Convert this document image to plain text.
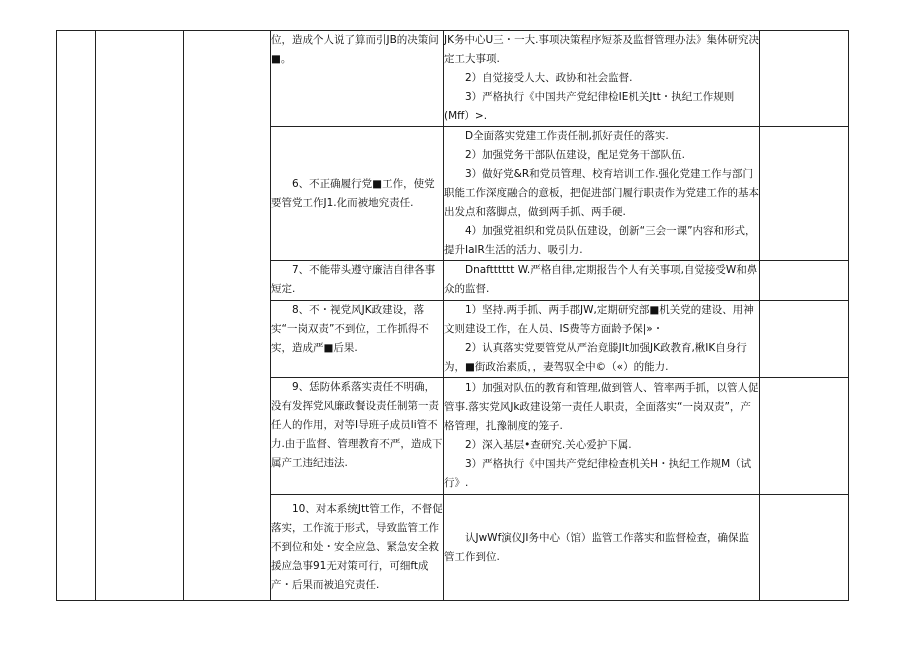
			位，造成个人说了算而引JB的决策问■。	JK务中心U三・一大.事项决策程序短茶及监督管理办法》集体研究决定工大事项.

2）自觉接受人大、政协和社会监督.

3）严格执行《中国共产党纪律检IE机关Jtt・执纪工作规则(Mff）>.	

			6、不正确履行党■工作，使党要管党工作J1.化而被地究责任.	D全面落实党建工作责任制,抓好责任的落实.

2）加强党务干部队伍建设，配足党务干部队伍.

3）做好党&R和党员管理、校育培训工作.强化党建工作与部门职能工作深度融合的意板，把促进部门履行职责作为党建工作的基本出发点和落脚点，做到两手抓、两手硬.

4）加强党祖织和党员队伍建设，创新“三会一课”内容和形式，提升IalR生活的活力、吸引力.	

			7、不能带头遵守廉洁自律各事短定.	Dnaftttttt W.严格自律,定期报告个人有关事项,自觉接受W和鼻众的监督.	

			8、不・视党风JK政建设，落实“一岗双责”不到位，工作抓得不实，造成严■后果.	1）坚持.两手抓、两手郡JW,定期研究部■机关党的建设、用神文则建设工作，在人员、IS费等方面龄予保|»・

2）认真落实党要管党从严治竟滕JIt加强JK政教育,楸IK自身行为，■街政治素质，，妻驾驭全中©（«）的能力.	

			9、恁防体系落实责任不明确，没有发挥党风廉政餐设责任制第一责任人的作用，对等I导班子成员Ii管不力.由于监督、管理教育不严，造成下属产工违纪违法.	1）加强对队伍的教育和管理,做到管人、管率两手抓，以管人促管事.落实党风Jk政建设第一责任人职责，全面落实“一岗双责”，产格管理，扎豫制度的笼子.

2）深入基层•查研究.关心爱护下属.

3）严格执行《中国共产党纪律检查机关H・执纪工作规M（试行》.	

			10、对本系统Jtt管工作，不督促落实，工作流于形式，导致监管工作不到位和处・安全应急、紧急安全救援应急事91无对策可行，可细ft成产・后果而被追究责任.	认JwWf演仪JI务中心（馆）监管工作落实和监督检查，确保监管工作到位.	
